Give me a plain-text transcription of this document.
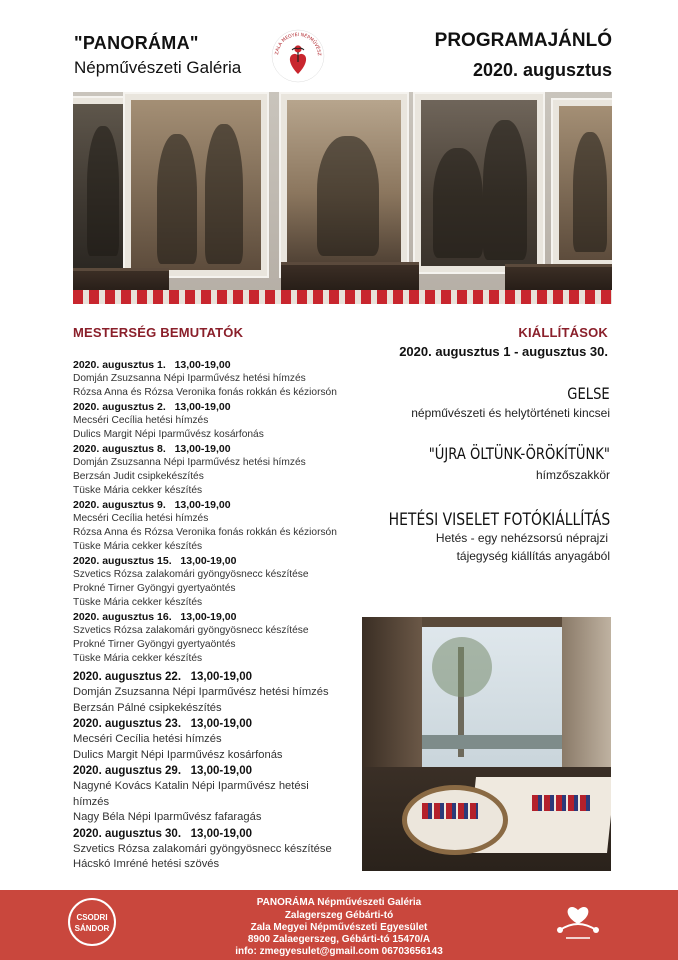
"PANORÁMA"
Népművészeti Galéria
ZALA MEGYEI NÉPMŰVÉSZ
PROGRAMAJÁNLÓ
2020. augusztus
MESTERSÉG BEMUTATÓK
2020. augusztus 1. 13,00-19,00
Domján Zsuzsanna Népi Iparművész hetési hímzés
Rózsa Anna és Rózsa Veronika fonás rokkán és kéziorsón
2020. augusztus 2. 13,00-19,00
Mecséri Cecília hetési hímzés
Dulics Margit Népi Iparművész kosárfonás
2020. augusztus 8. 13,00-19,00
Domján Zsuzsanna Népi Iparművész hetési hímzés
Berzsán Judit csipkekészítés
Tüske Mária cekker készítés
2020. augusztus 9. 13,00-19,00
Mecséri Cecília hetési hímzés
Rózsa Anna és Rózsa Veronika fonás rokkán és kéziorsón
Tüske Mária cekker készítés
2020. augusztus 15. 13,00-19,00
Szvetics Rózsa zalakomári gyöngyösnecc készítése
Prokné Tirner Gyöngyi gyertyaöntés
Tüske Mária cekker készítés
2020. augusztus 16. 13,00-19,00
Szvetics Rózsa zalakomári gyöngyösnecc készítése
Prokné Tirner Gyöngyi gyertyaöntés
Tüske Mária cekker készítés
2020. augusztus 22. 13,00-19,00
Domján Zsuzsanna Népi Iparművész hetési hímzés
Berzsán Pálné csipkekészítés
2020. augusztus 23. 13,00-19,00
Mecséri Cecília hetési hímzés
Dulics Margit Népi Iparművész kosárfonás
2020. augusztus 29. 13,00-19,00
Nagyné Kovács Katalin Népi Iparművész hetési hímzés
Nagy Béla Népi Iparművész fafaragás
2020. augusztus 30. 13,00-19,00
Szvetics Rózsa zalakomári gyöngyösnecc készítése
Hácskó Imréné hetési szövés
KIÁLLÍTÁSOK
2020. augusztus 1 - augusztus 30.
GELSE
népművészeti és helytörténeti kincsei
"ÚJRA ÖLTÜNK-ÖRÖKÍTÜNK"
hímzőszakkör
HETÉSI VISELET FOTÓKIÁLLÍTÁS
Hetés - egy nehézsorsú néprajzi
tájegység kiállítás anyagából
CSODRI
SÁNDOR
PANORÁMA Népművészeti Galéria
Zalagerszeg Gébárti-tó
Zala Megyei Népművészeti Egyesület
8900 Zalaegerszeg, Gébárti-tó 15470/A
info: zmegyesulet@gmail.com 06703656143
